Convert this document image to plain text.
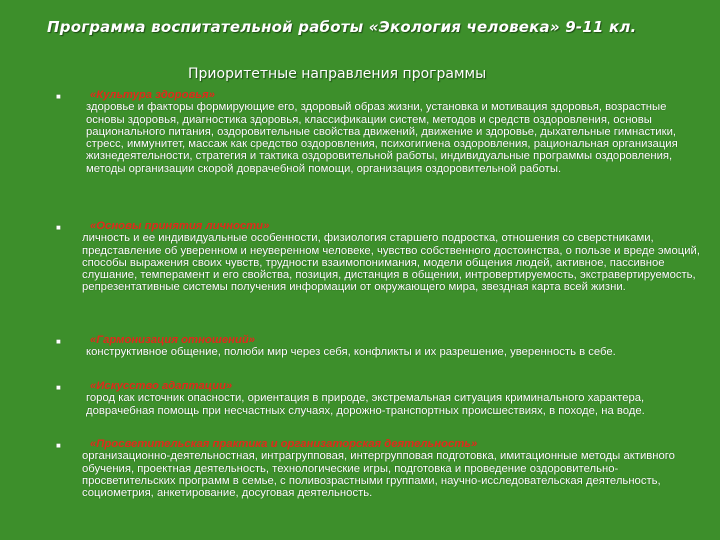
Программа воспитательной работы «Экология человека» 9-11 кл.
Приоритетные направления программы
■	«Культура здоровья»
здоровье и факторы формирующие его, здоровый образ жизни, установка и мотивация здоровья, возрастные основы здоровья, диагностика здоровья, классификации систем, методов и средств оздоровления, основы рационального питания, оздоровительные свойства движений, движение и здоровье, дыхательные гимнастики, стресс, иммунитет, массаж как средство оздоровления, психогигиена оздоровления, рациональная организация жизнедеятельности, стратегия и тактика оздоровительной работы, индивидуальные программы оздоровления, методы организации скорой доврачебной помощи, организация оздоровительной работы.
■	«Основы принятия личности»
личность и ее индивидуальные особенности, физиология старшего подростка, отношения со сверстниками, представление об уверенном и неуверенном человеке, чувство собственного достоинства, о пользе и вреде эмоций, способы выражения своих чувств, трудности взаимопонимания, модели общения людей, активное, пассивное слушание, темперамент и его свойства, позиция, дистанция в общении, интровертируемость, экстравертируемость, репрезентативные системы получения информации от окружающего мира, звездная карта всей жизни.
■	«Гармонизация отношений»
конструктивное общение, полюби мир через себя, конфликты и их разрешение, уверенность в себе.
■	«Искусство адаптации»
город как источник опасности, ориентация в природе, экстремальная ситуация криминального характера, доврачебная помощь при несчастных случаях, дорожно-транспортных происшествиях, в походе, на воде.
■	«Просветительская практика и организаторская деятельность»
организационно-деятельностная, интрагрупповая, интергрупповая подготовка, имитационные методы активного обучения, проектная деятельность, технологические игры, подготовка и проведение оздоровительно-просветительских программ в семье, с поливозрастными группами, научно-исследовательская деятельность, социометрия, анкетирование, досуговая деятельность.
